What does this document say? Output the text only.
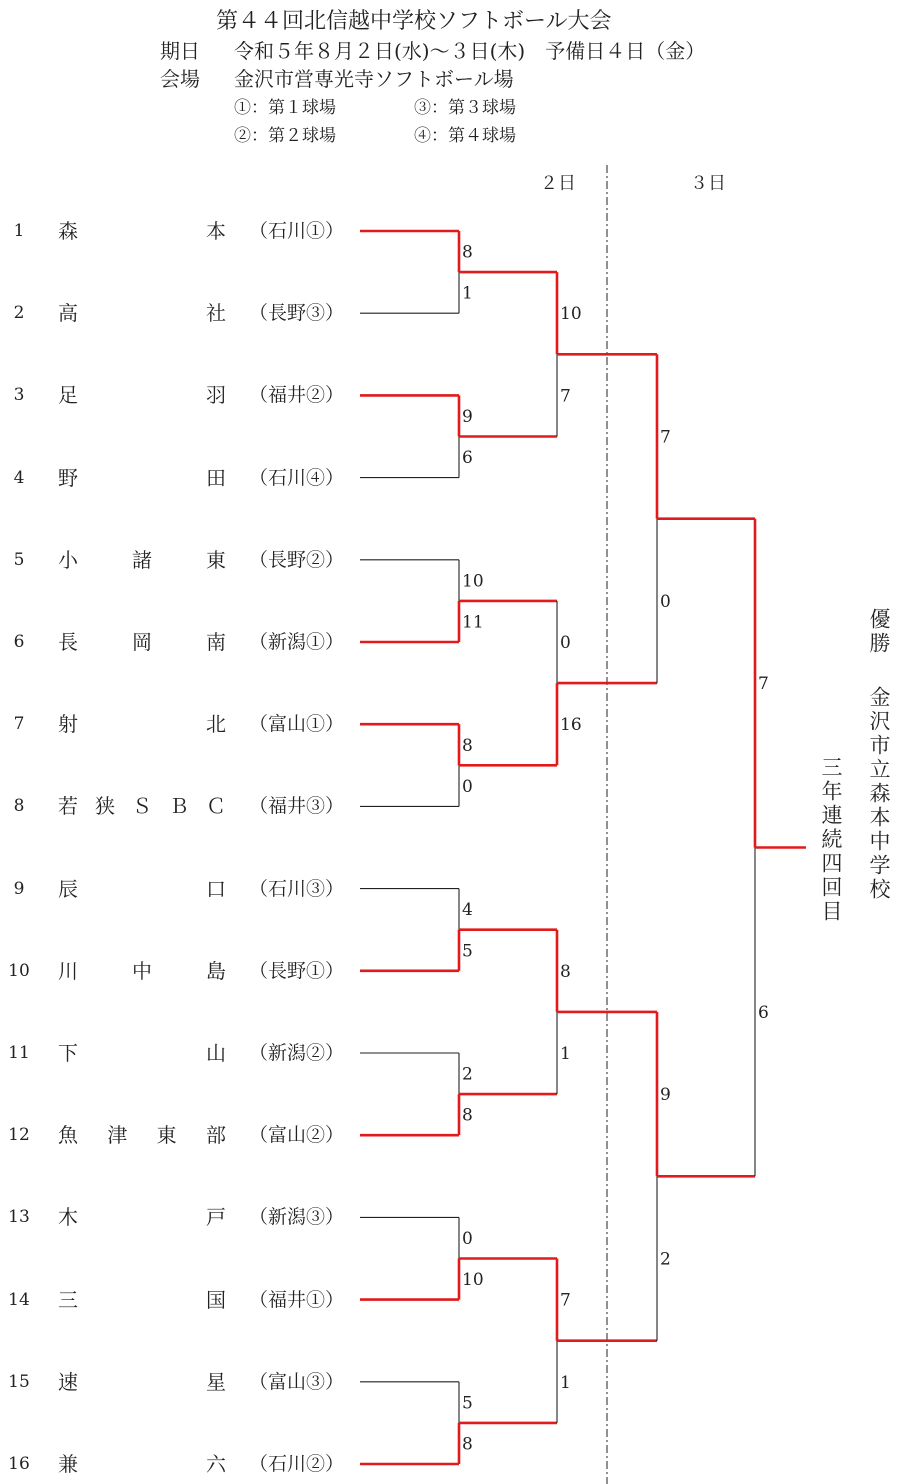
第４４回北信越中学校ソフトボール大会
期日 令和５年８月２日(水)～３日(木)　予備日４日（金）
会場 金沢市営専光寺ソフトボール場
①：第１球場	③：第３球場
②：第２球場	④：第４球場
２日	３日
1	森	本 （石川①）
2	高	社 （長野③）
3	足	羽 （福井②）
4	野	田 （石川④）
5	小	諸	東 （長野②）
6	長	岡	南 （新潟①）
7	射	北 （富山①）
8	若 狭 Ｓ Ｂ Ｃ （福井③）
9	辰	口 （石川③）
10	川	中	島 （長野①）
11	下	山 （新潟②）
12	魚 津 東 部 （富山②）
13	木	戸 （新潟③）
14	三	国 （福井①）
15	速	星 （富山③）
16	兼	六 （石川②）
8
1
9
6
10
11
8
0
4
5
2
8
0
10
5
8
10
7
0
16
8
1
7
1
7
0
9
2
7
6
優勝
金沢市立森本中学校
三年連続四回目
